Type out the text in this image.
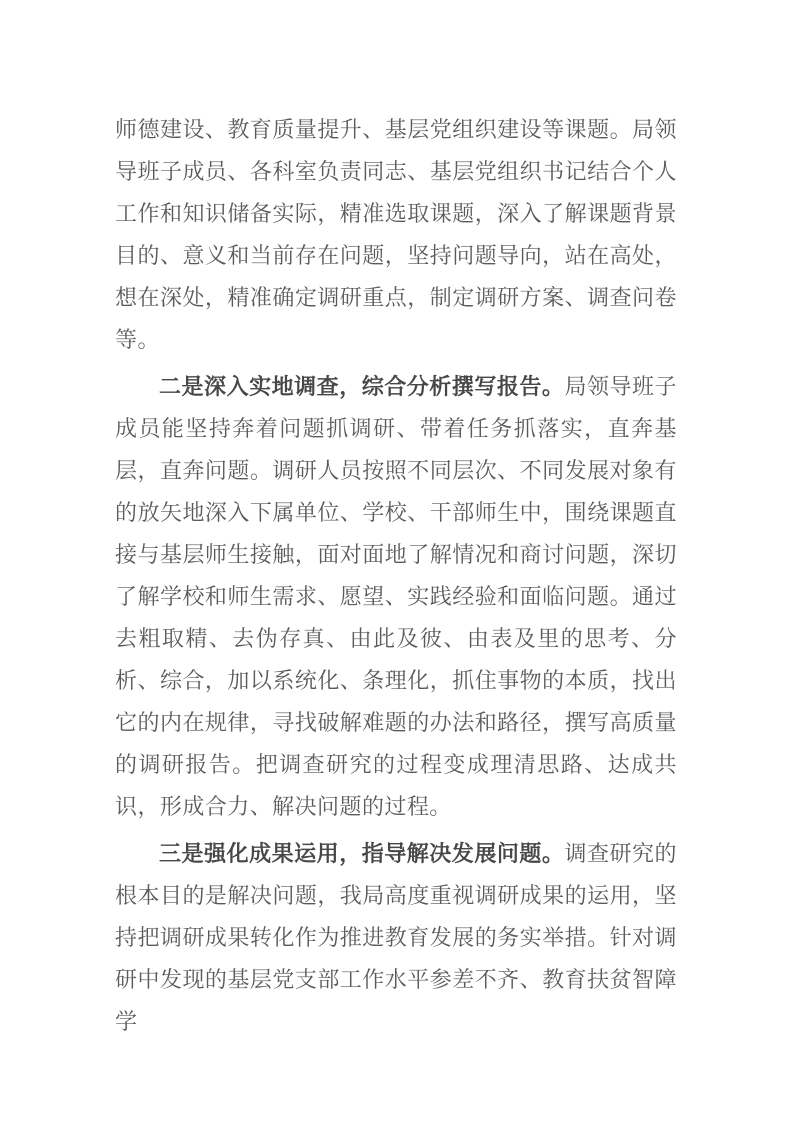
师德建设、教育质量提升、基层党组织建设等课题。局领导班子成员、各科室负责同志、基层党组织书记结合个人工作和知识储备实际，精准选取课题，深入了解课题背景目的、意义和当前存在问题，坚持问题导向，站在高处，想在深处，精准确定调研重点，制定调研方案、调查问卷等。

二是深入实地调查，综合分析撰写报告。局领导班子成员能坚持奔着问题抓调研、带着任务抓落实，直奔基层，直奔问题。调研人员按照不同层次、不同发展对象有的放矢地深入下属单位、学校、干部师生中，围绕课题直接与基层师生接触，面对面地了解情况和商讨问题，深切了解学校和师生需求、愿望、实践经验和面临问题。通过去粗取精、去伪存真、由此及彼、由表及里的思考、分析、综合，加以系统化、条理化，抓住事物的本质，找出它的内在规律，寻找破解难题的办法和路径，撰写高质量的调研报告。把调查研究的过程变成理清思路、达成共识，形成合力、解决问题的过程。

三是强化成果运用，指导解决发展问题。调查研究的根本目的是解决问题，我局高度重视调研成果的运用，坚持把调研成果转化作为推进教育发展的务实举措。针对调研中发现的基层党支部工作水平参差不齐、教育扶贫智障学
